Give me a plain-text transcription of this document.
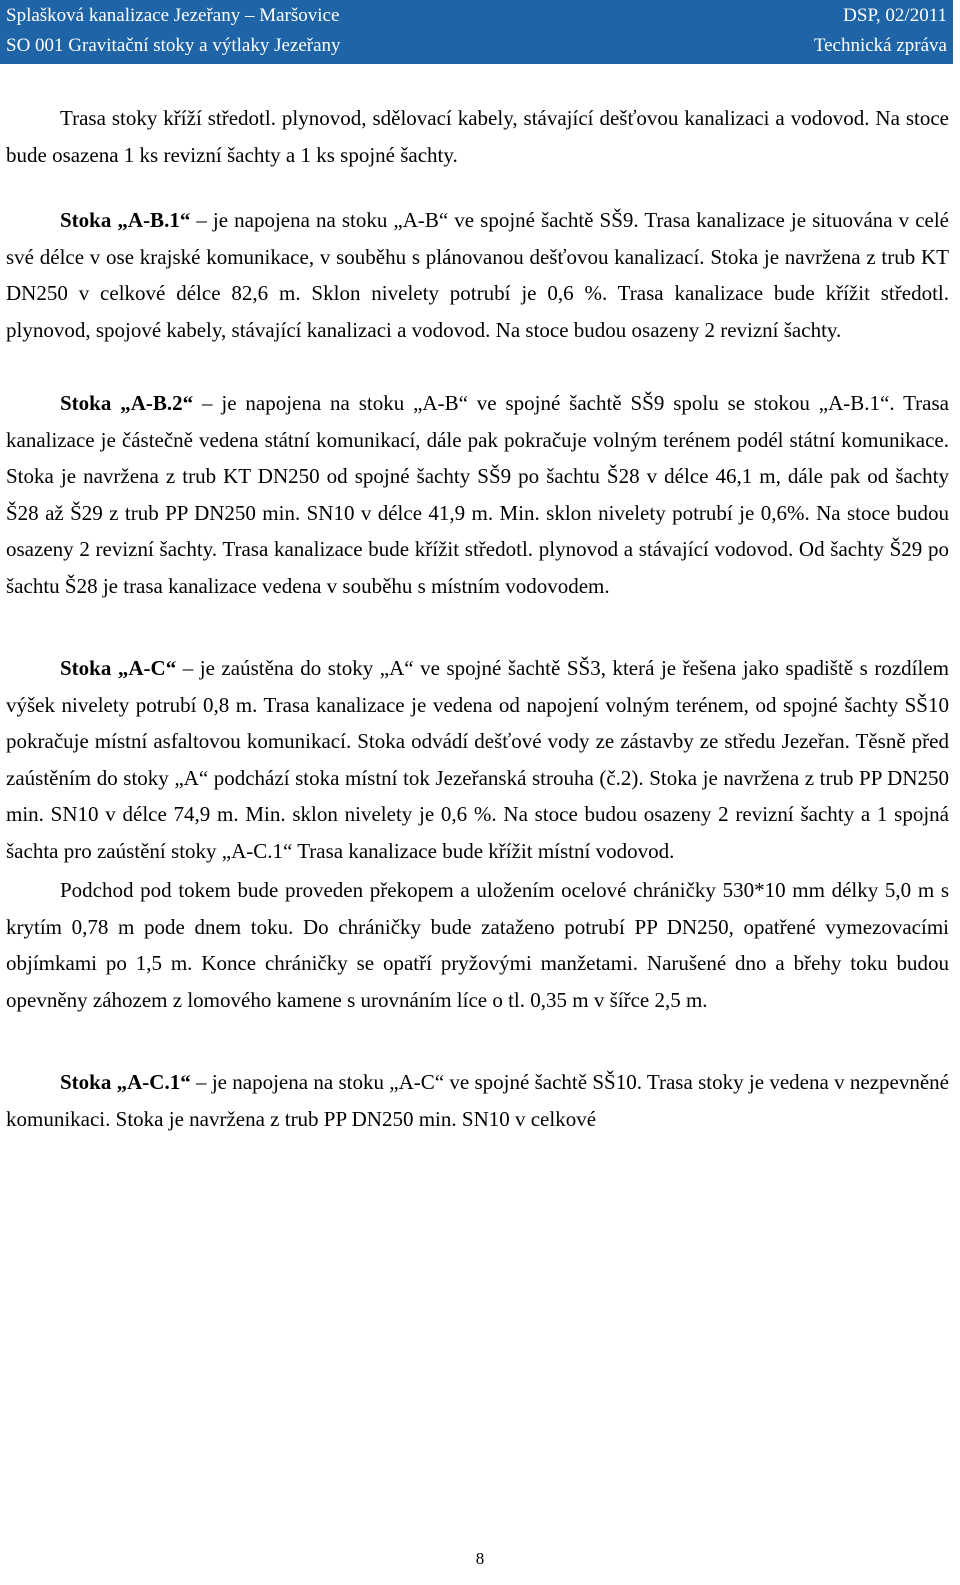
Splašková kanalizace Jezeřany – Maršovice	DSP, 02/2011
SO 001 Gravitační stoky a výtlaky Jezeřany	Technická zpráva

Trasa stoky kříží středotl. plynovod, sdělovací kabely, stávající dešťovou kanalizaci a vodovod. Na stoce bude osazena 1 ks revizní šachty a 1 ks spojné šachty.

Stoka „A-B.1“ – je napojena na stoku „A-B“ ve spojné šachtě SŠ9. Trasa kanalizace je situována v celé své délce v ose krajské komunikace, v souběhu s plánovanou dešťovou kanalizací. Stoka je navržena z trub KT DN250 v celkové délce 82,6 m. Sklon nivelety potrubí je 0,6 %. Trasa kanalizace bude křížit středotl. plynovod, spojové kabely, stávající kanalizaci a vodovod. Na stoce budou osazeny 2 revizní šachty.

Stoka „A-B.2“ – je napojena na stoku „A-B“ ve spojné šachtě SŠ9 spolu se stokou „A-B.1“. Trasa kanalizace je částečně vedena státní komunikací, dále pak pokračuje volným terénem podél státní komunikace. Stoka je navržena z trub KT DN250 od spojné šachty SŠ9 po šachtu Š28 v délce 46,1 m, dále pak od šachty Š28 až Š29 z trub PP DN250 min. SN10 v délce 41,9 m. Min. sklon nivelety potrubí je 0,6%. Na stoce budou osazeny 2 revizní šachty. Trasa kanalizace bude křížit středotl. plynovod a stávající vodovod. Od šachty Š29 po šachtu Š28 je trasa kanalizace vedena v souběhu s místním vodovodem.

Stoka „A-C“ – je zaústěna do stoky „A“ ve spojné šachtě SŠ3, která je řešena jako spadiště s rozdílem výšek nivelety potrubí 0,8 m. Trasa kanalizace je vedena od napojení volným terénem, od spojné šachty SŠ10 pokračuje místní asfaltovou komunikací. Stoka odvádí dešťové vody ze zástavby ze středu Jezeřan. Těsně před zaústěním do stoky „A“ podchází stoka místní tok Jezeřanská strouha (č.2). Stoka je navržena z trub PP DN250 min. SN10 v délce 74,9 m. Min. sklon nivelety je 0,6 %. Na stoce budou osazeny 2 revizní šachty a 1 spojná šachta pro zaústění stoky „A-C.1“ Trasa kanalizace bude křížit místní vodovod.

Podchod pod tokem bude proveden překopem a uložením ocelové chráničky 530*10 mm délky 5,0 m s krytím 0,78 m pode dnem toku. Do chráničky bude zataženo potrubí PP DN250, opatřené vymezovacími objímkami po 1,5 m. Konce chráničky se opatří pryžovými manžetami. Narušené dno a břehy toku budou opevněny záhozem z lomového kamene s urovnáním líce o tl. 0,35 m v šířce 2,5 m.

Stoka „A-C.1“ – je napojena na stoku „A-C“ ve spojné šachtě SŠ10. Trasa stoky je vedena v nezpevněné komunikaci. Stoka je navržena z trub PP DN250 min. SN10 v celkové

8
